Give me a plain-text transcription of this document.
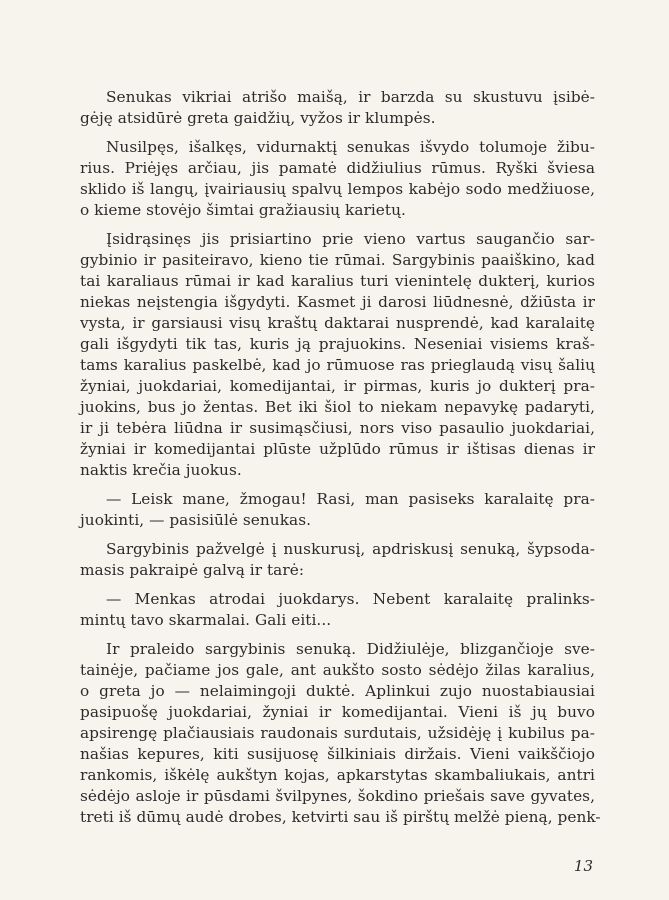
Senukas vikriai atrišo maišą, ir barzda su skustuvu įsibė-
gėję atsidūrė greta gaidžių, vyžos ir klumpės.
Nusilpęs, išalkęs, vidurnaktį senukas išvydo tolumoje žibu-
rius. Priėjęs arčiau, jis pamatė didžiulius rūmus. Ryški šviesa
sklido iš langų, įvairiausių spalvų lempos kabėjo sodo medžiuose,
o kieme stovėjo šimtai gražiausių karietų.
Įsidrąsinęs jis prisiartino prie vieno vartus saugančio sar-
gybinio ir pasiteiravo, kieno tie rūmai. Sargybinis paaiškino, kad
tai karaliaus rūmai ir kad karalius turi vienintelę dukterį, kurios
niekas neįstengia išgydyti. Kasmet ji darosi liūdnesnė, džiūsta ir
vysta, ir garsiausi visų kraštų daktarai nusprendė, kad karalaitę
gali išgydyti tik tas, kuris ją prajuokins. Neseniai visiems kraš-
tams karalius paskelbė, kad jo rūmuose ras prieglaudą visų šalių
žyniai, juokdariai, komedijantai, ir pirmas, kuris jo dukterį pra-
juokins, bus jo žentas. Bet iki šiol to niekam nepavykę padaryti,
ir ji tebėra liūdna ir susimąsčiusi, nors viso pasaulio juokdariai,
žyniai ir komedijantai plūste užplūdo rūmus ir ištisas dienas ir
naktis krečia juokus.
— Leisk mane, žmogau! Rasi, man pasiseks karalaitę pra-
juokinti, — pasisiūlė senukas.
Sargybinis pažvelgė į nuskurusį, apdriskusį senuką, šypsoda-
masis pakraipė galvą ir tarė:
— Menkas atrodai juokdarys. Nebent karalaitę pralinks-
mintų tavo skarmalai. Gali eiti...
Ir praleido sargybinis senuką. Didžiulėje, blizgančioje sve-
tainėje, pačiame jos gale, ant aukšto sosto sėdėjo žilas karalius,
o greta jo — nelaimingoji duktė. Aplinkui zujo nuostabiausiai
pasipuošę juokdariai, žyniai ir komedijantai. Vieni iš jų buvo
apsirengę plačiausiais raudonais surdutais, užsidėję į kubilus pa-
našias kepures, kiti susijuosę šilkiniais diržais. Vieni vaikščiojo
rankomis, iškėlę aukštyn kojas, apkarstytas skambaliukais, antri
sėdėjo asloje ir pūsdami švilpynes, šokdino priešais save gyvates,
treti iš dūmų audė drobes, ketvirti sau iš pirštų melžė pieną, penk-
13
